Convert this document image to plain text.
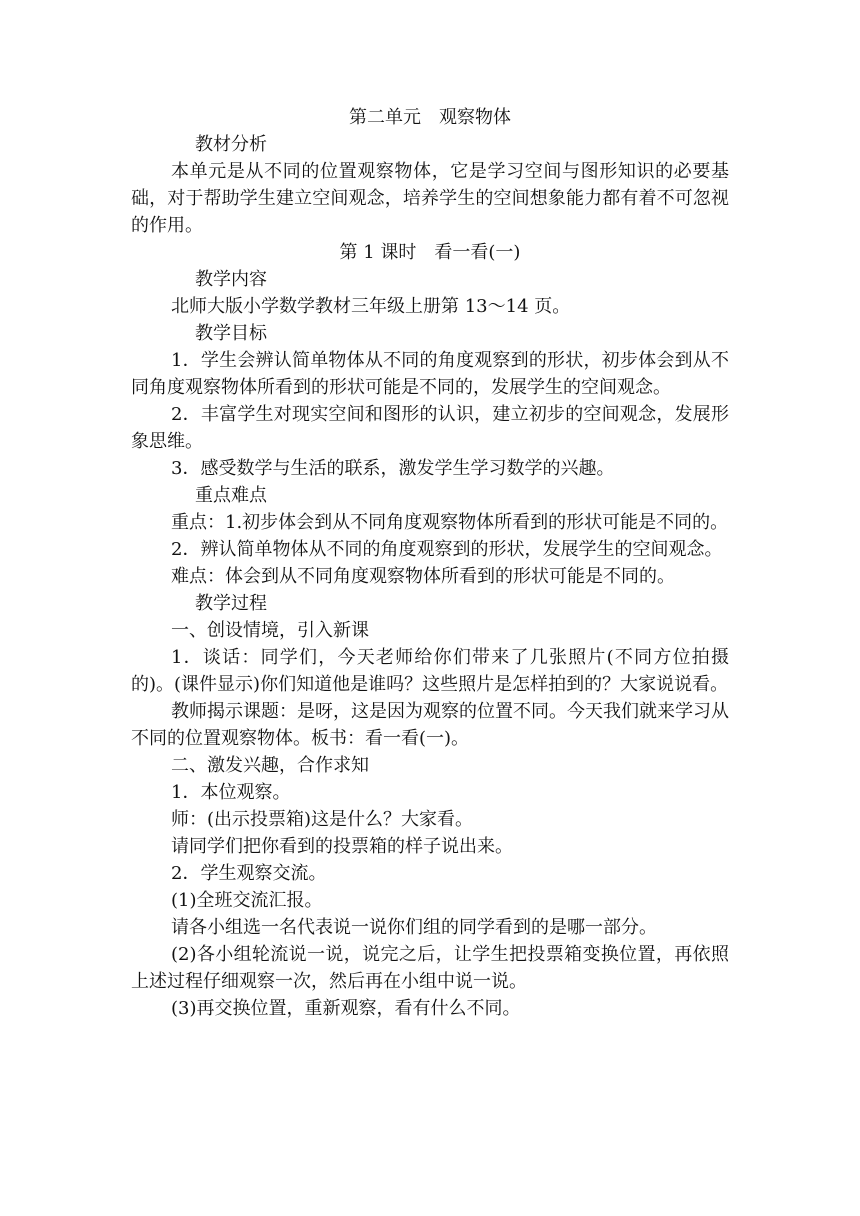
第二单元　观察物体

教材分析

本单元是从不同的位置观察物体，它是学习空间与图形知识的必要基础，对于帮助学生建立空间观念，培养学生的空间想象能力都有着不可忽视的作用。

第 1 课时　看一看(一)

教学内容

北师大版小学数学教材三年级上册第 13～14 页。

教学目标

1．学生会辨认简单物体从不同的角度观察到的形状，初步体会到从不同角度观察物体所看到的形状可能是不同的，发展学生的空间观念。

2．丰富学生对现实空间和图形的认识，建立初步的空间观念，发展形象思维。

3．感受数学与生活的联系，激发学生学习数学的兴趣。

重点难点

重点：1.初步体会到从不同角度观察物体所看到的形状可能是不同的。

2．辨认简单物体从不同的角度观察到的形状，发展学生的空间观念。

难点：体会到从不同角度观察物体所看到的形状可能是不同的。

教学过程

一、创设情境，引入新课

1．谈话：同学们，今天老师给你们带来了几张照片(不同方位拍摄的)。(课件显示)你们知道他是谁吗？这些照片是怎样拍到的？大家说说看。

教师揭示课题：是呀，这是因为观察的位置不同。今天我们就来学习从不同的位置观察物体。板书：看一看(一)。

二、激发兴趣，合作求知

1．本位观察。

师：(出示投票箱)这是什么？大家看。

请同学们把你看到的投票箱的样子说出来。

2．学生观察交流。

(1)全班交流汇报。

请各小组选一名代表说一说你们组的同学看到的是哪一部分。

(2)各小组轮流说一说，说完之后，让学生把投票箱变换位置，再依照上述过程仔细观察一次，然后再在小组中说一说。

(3)再交换位置，重新观察，看有什么不同。
